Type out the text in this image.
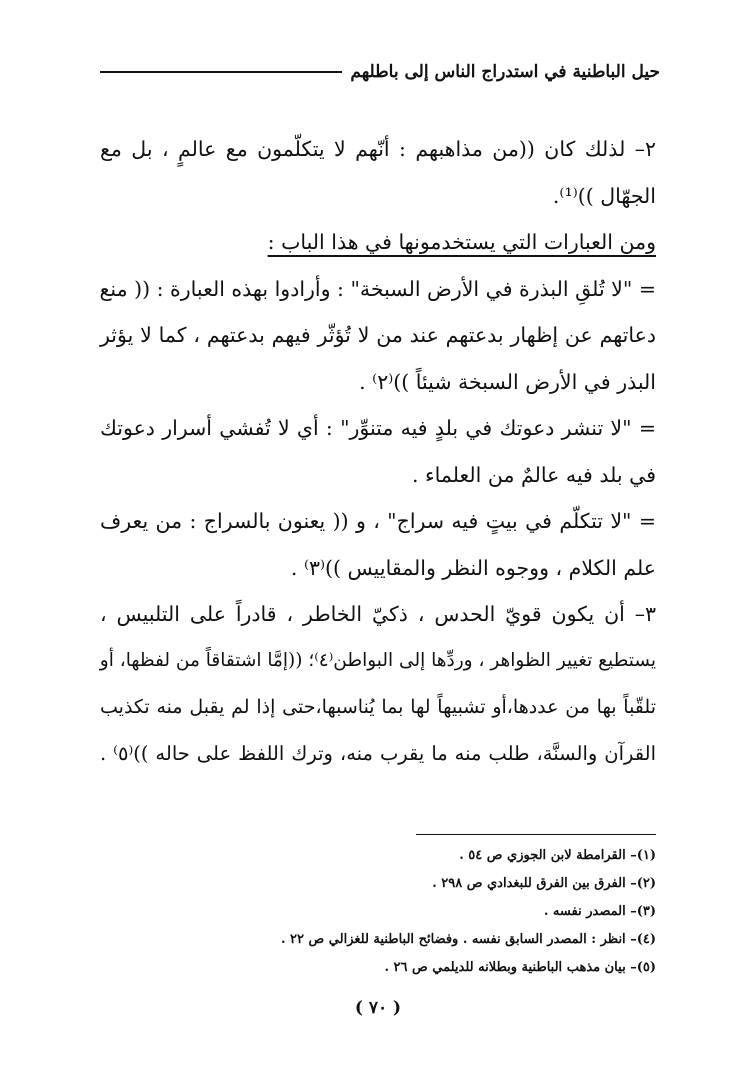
حيل الباطنية في استدراج الناس إلى باطلهم
٢– لذلك كان ((من مذاهبهم : أنّهم لا يتكلّمون مع عالمٍ ، بل مع
الجهّال ))⁽¹⁾.
ومن العبارات التي يستخدمونها في هذا الباب :
= "لا تُلقِ البذرة في الأرض السبخة" : وأرادوا بهذه العبارة : (( منع
دعاتهم عن إظهار بدعتهم عند من لا تُؤثّر فيهم بدعتهم ، كما لا يؤثر
البذر في الأرض السبخة شيئاً ))⁽٢⁾ .
= "لا تنشر دعوتك في بلدٍ فيه متنوِّر" : أي لا تُفشي أسرار دعوتك
في بلد فيه عالمٌ من العلماء .
= "لا تتكلّم في بيتٍ فيه سراج" ، و (( يعنون بالسراج : من يعرف
علم الكلام ، ووجوه النظر والمقاييس ))⁽٣⁾ .
٣– أن يكون قويّ الحدس ، ذكيّ الخاطر ، قادراً على التلبيس ،
يستطيع تغيير الظواهر ، وردِّها إلى البواطن⁽٤⁾؛ ((إمَّا اشتقاقاً من لفظها، أو
تلقّباً بها من عددها،أو تشبيهاً لها بما يُناسبها،حتى إذا لم يقبل منه تكذيب
القرآن والسنَّة، طلب منه ما يقرب منه، وترك اللفظ على حاله ))⁽٥⁾ .
(١)– القرامطة لابن الجوزي ص ٥٤ .
(٢)– الفرق بين الفرق للبغدادي ص ٢٩٨ .
(٣)– المصدر نفسه .
(٤)– انظر : المصدر السابق نفسه . وفضائح الباطنية للغزالي ص ٢٢ .
(٥)– بيان مذهب الباطنية وبطلانه للديلمي ص ٢٦ .
( ٧٠ )
